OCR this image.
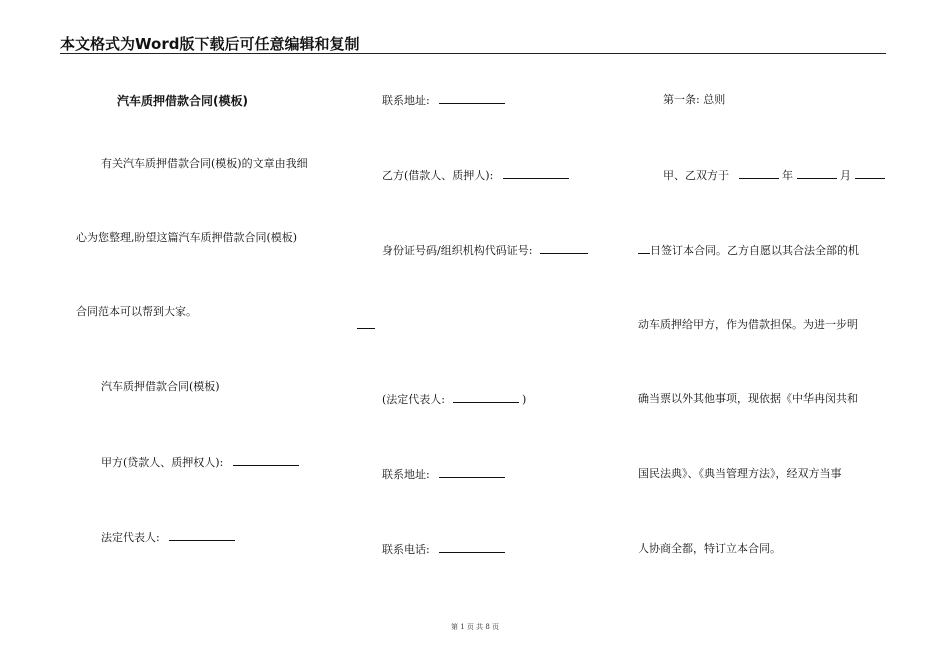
本文格式为Word版下载后可任意编辑和复制
汽车质押借款合同(模板)
有关汽车质押借款合同(模板)的文章由我细
心为您整理,盼望这篇汽车质押借款合同(模板)
合同范本可以帮到大家。
汽车质押借款合同(模板)
甲方(贷款人、质押权人):
法定代表人:
联系地址:
乙方(借款人、质押人):
身份证号码/组织机构代码证号:
(法定代表人:	)
联系地址:
联系电话:
第一条: 总则
甲、乙双方于	年	月
日签订本合同。乙方自愿以其合法全部的机
动车质押给甲方，作为借款担保。为进一步明
确当票以外其他事项，现依据《中华冉闵共和
国民法典》、《典当管理方法》，经双方当事
人协商全都，特订立本合同。
第 1 页 共 8 页
